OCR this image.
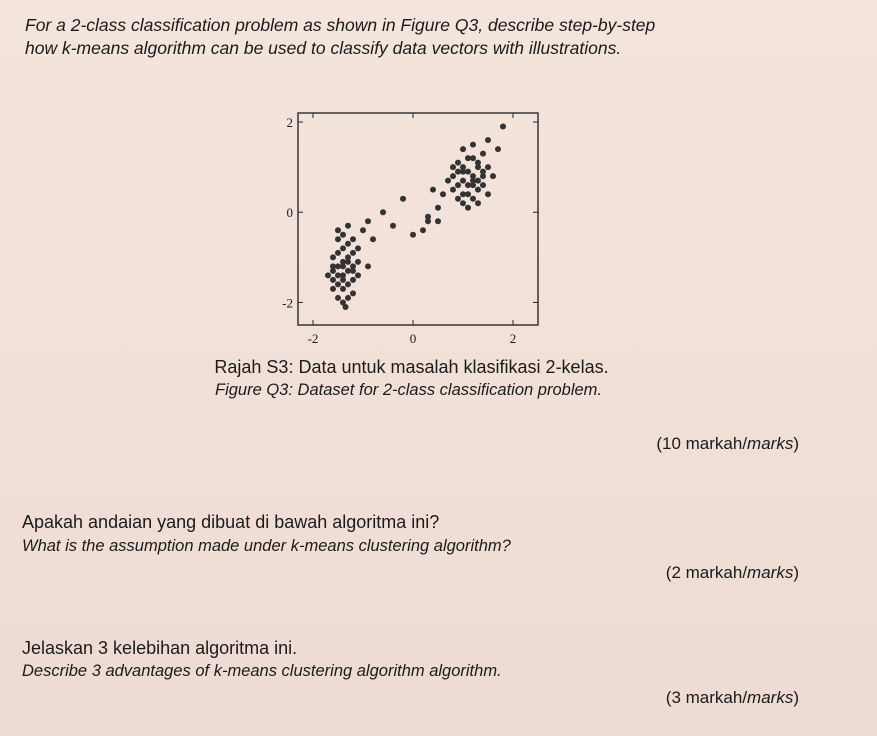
For a 2-class classification problem as shown in Figure Q3, describe step-by-step
how k-means algorithm can be used to classify data vectors with illustrations.
-2	0	2
2
0
-2
Rajah S3: Data untuk masalah klasifikasi 2-kelas.
Figure Q3: Dataset for 2-class classification problem.
(10 markah/marks)
Apakah andaian yang dibuat di bawah algoritma ini?
What is the assumption made under k-means clustering algorithm?
(2 markah/marks)
Jelaskan 3 kelebihan algoritma ini.
Describe 3 advantages of k-means clustering algorithm algorithm.
(3 markah/marks)
